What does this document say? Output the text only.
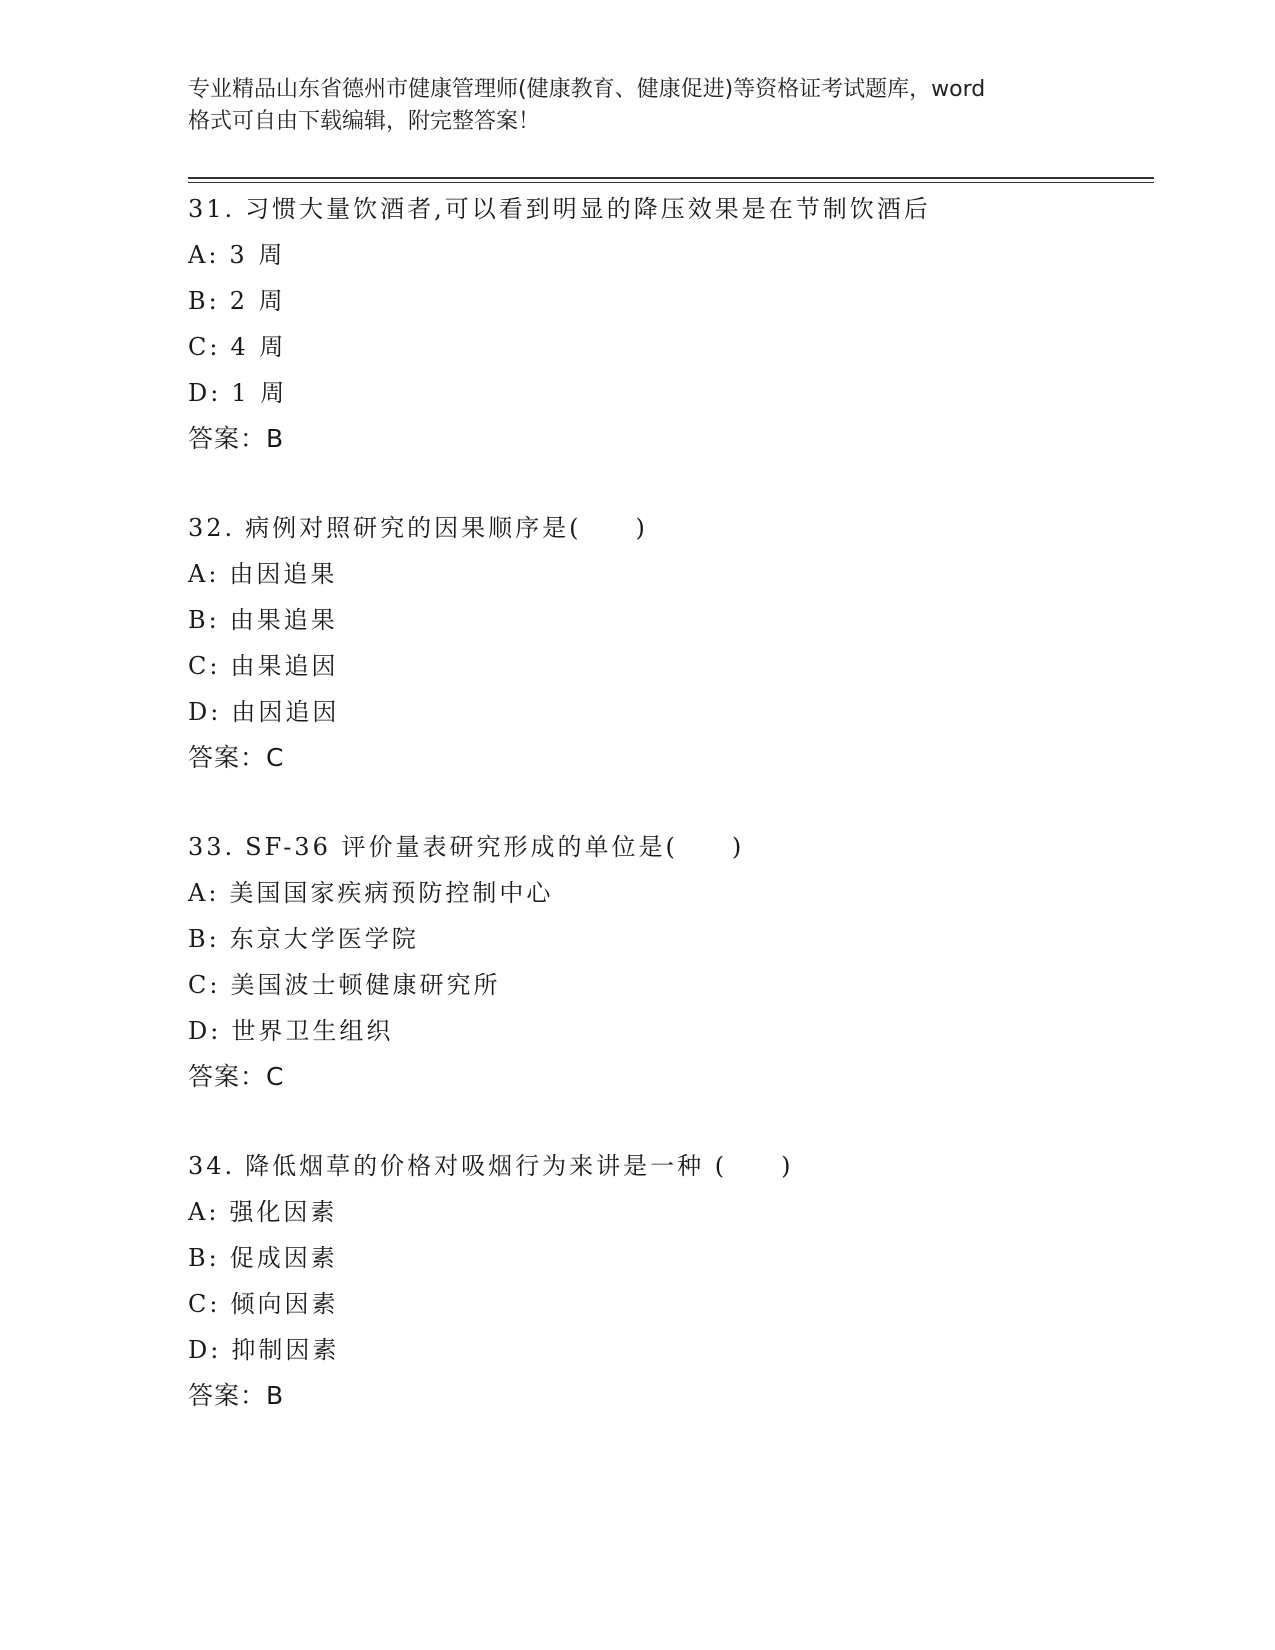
专业精品山东省德州市健康管理师(健康教育、健康促进)等资格证考试题库，word
格式可自由下载编辑，附完整答案！
31. 习惯大量饮酒者,可以看到明显的降压效果是在节制饮酒后
A: 3 周
B: 2 周
C: 4 周
D: 1 周
答案：B
32. 病例对照研究的因果顺序是(　　)
A: 由因追果
B: 由果追果
C: 由果追因
D: 由因追因
答案：C
33. SF-36 评价量表研究形成的单位是(　　)
A: 美国国家疾病预防控制中心
B: 东京大学医学院
C: 美国波士顿健康研究所
D: 世界卫生组织
答案：C
34. 降低烟草的价格对吸烟行为来讲是一种 (　　)
A: 强化因素
B: 促成因素
C: 倾向因素
D: 抑制因素
答案：B
